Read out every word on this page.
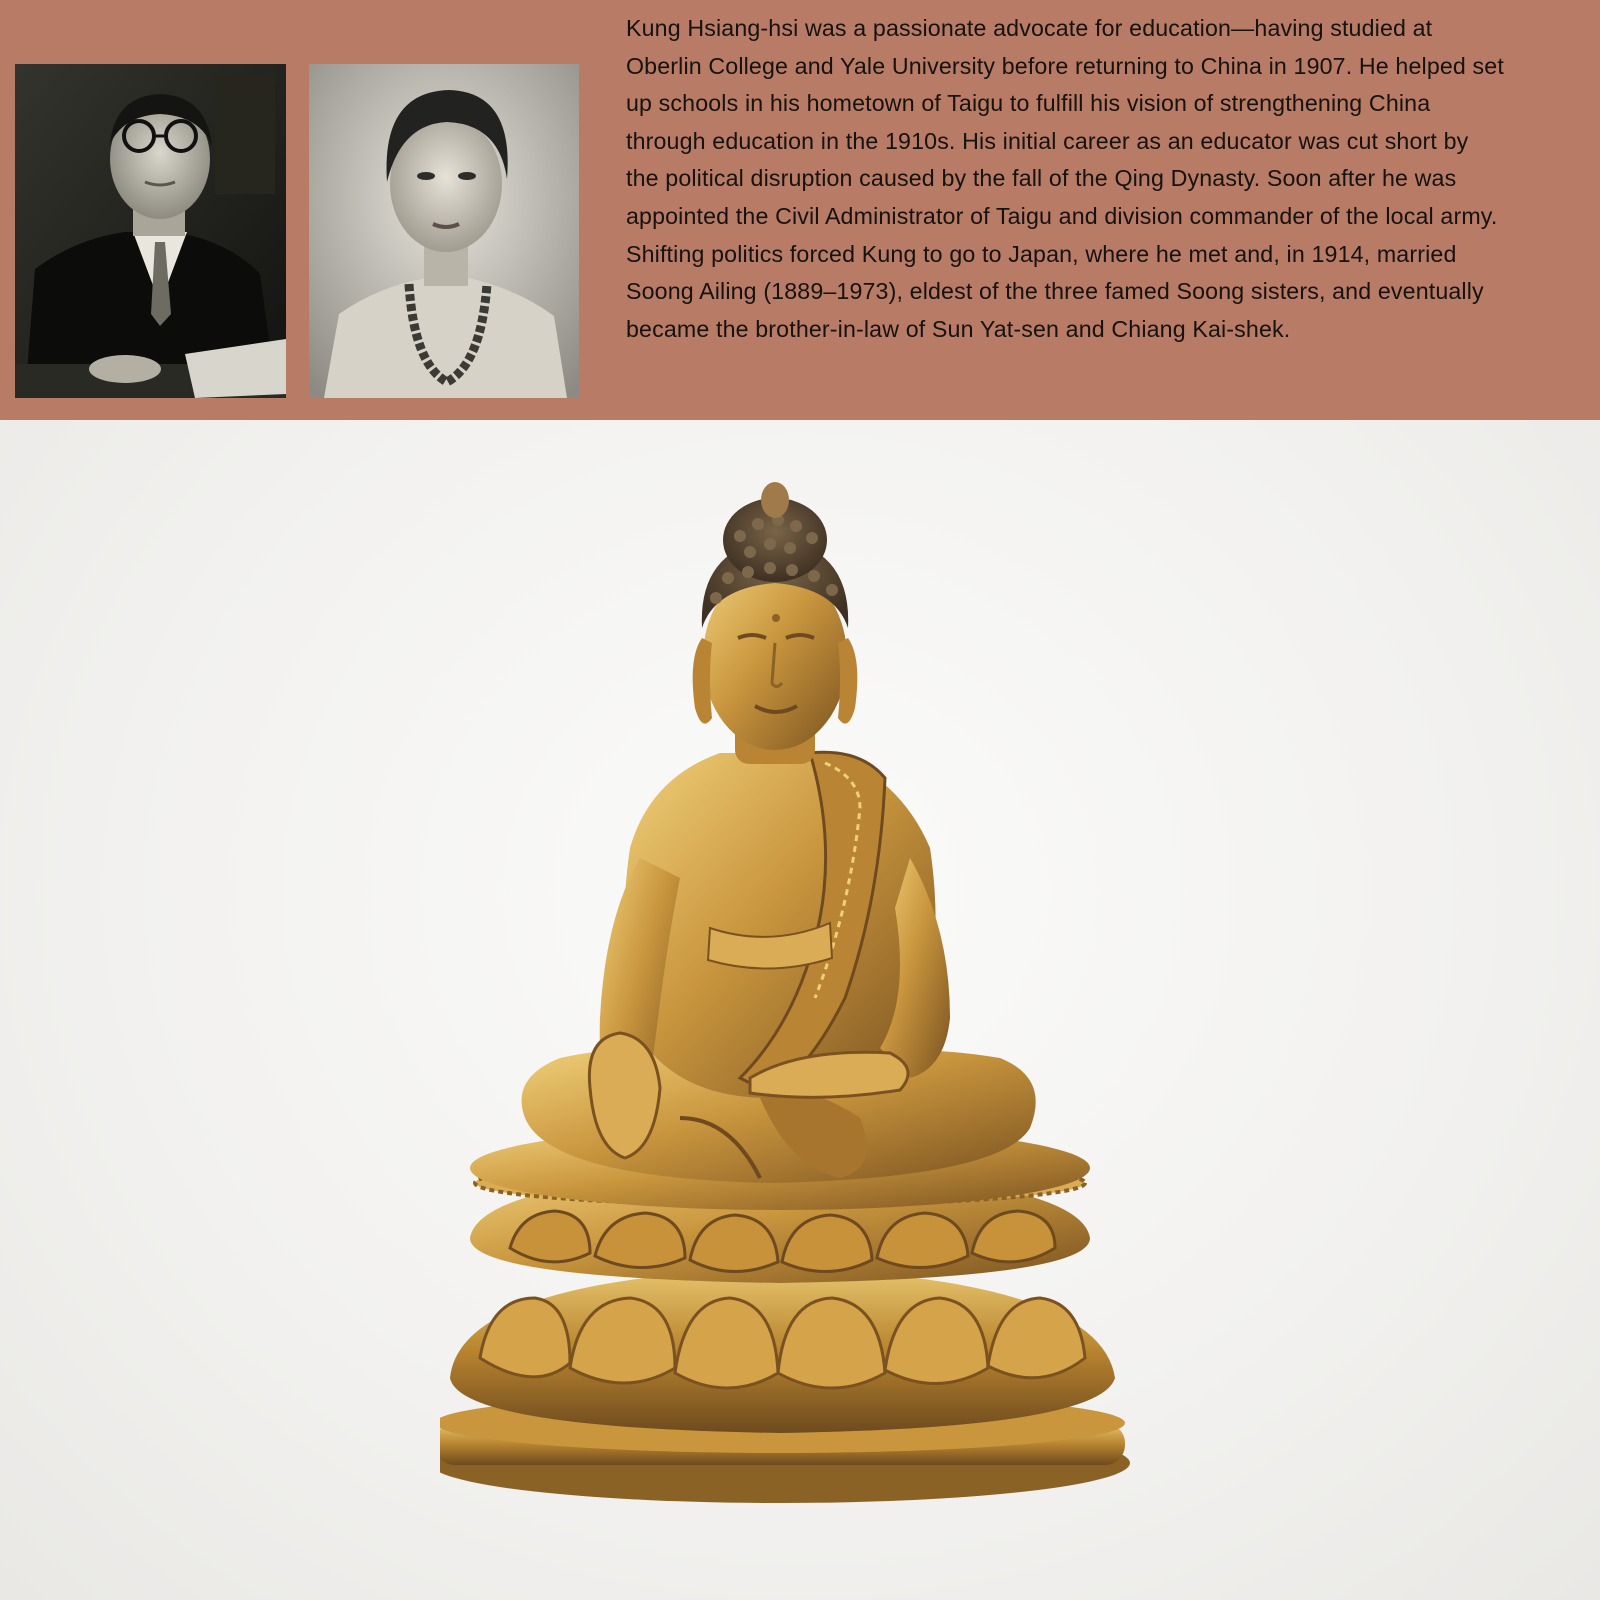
Kung Hsiang-hsi was a passionate advocate for education—having studied at Oberlin College and Yale University before returning to China in 1907. He helped set up schools in his hometown of Taigu to fulfill his vision of strengthening China through education in the 1910s. His initial career as an educator was cut short by the political disruption caused by the fall of the Qing Dynasty. Soon after he was appointed the Civil Administrator of Taigu and division commander of the local army. Shifting politics forced Kung to go to Japan, where he met and, in 1914, married Soong Ailing (1889–1973), eldest of the three famed Soong sisters, and eventually became the brother-in-law of Sun Yat-sen and Chiang Kai-shek.
